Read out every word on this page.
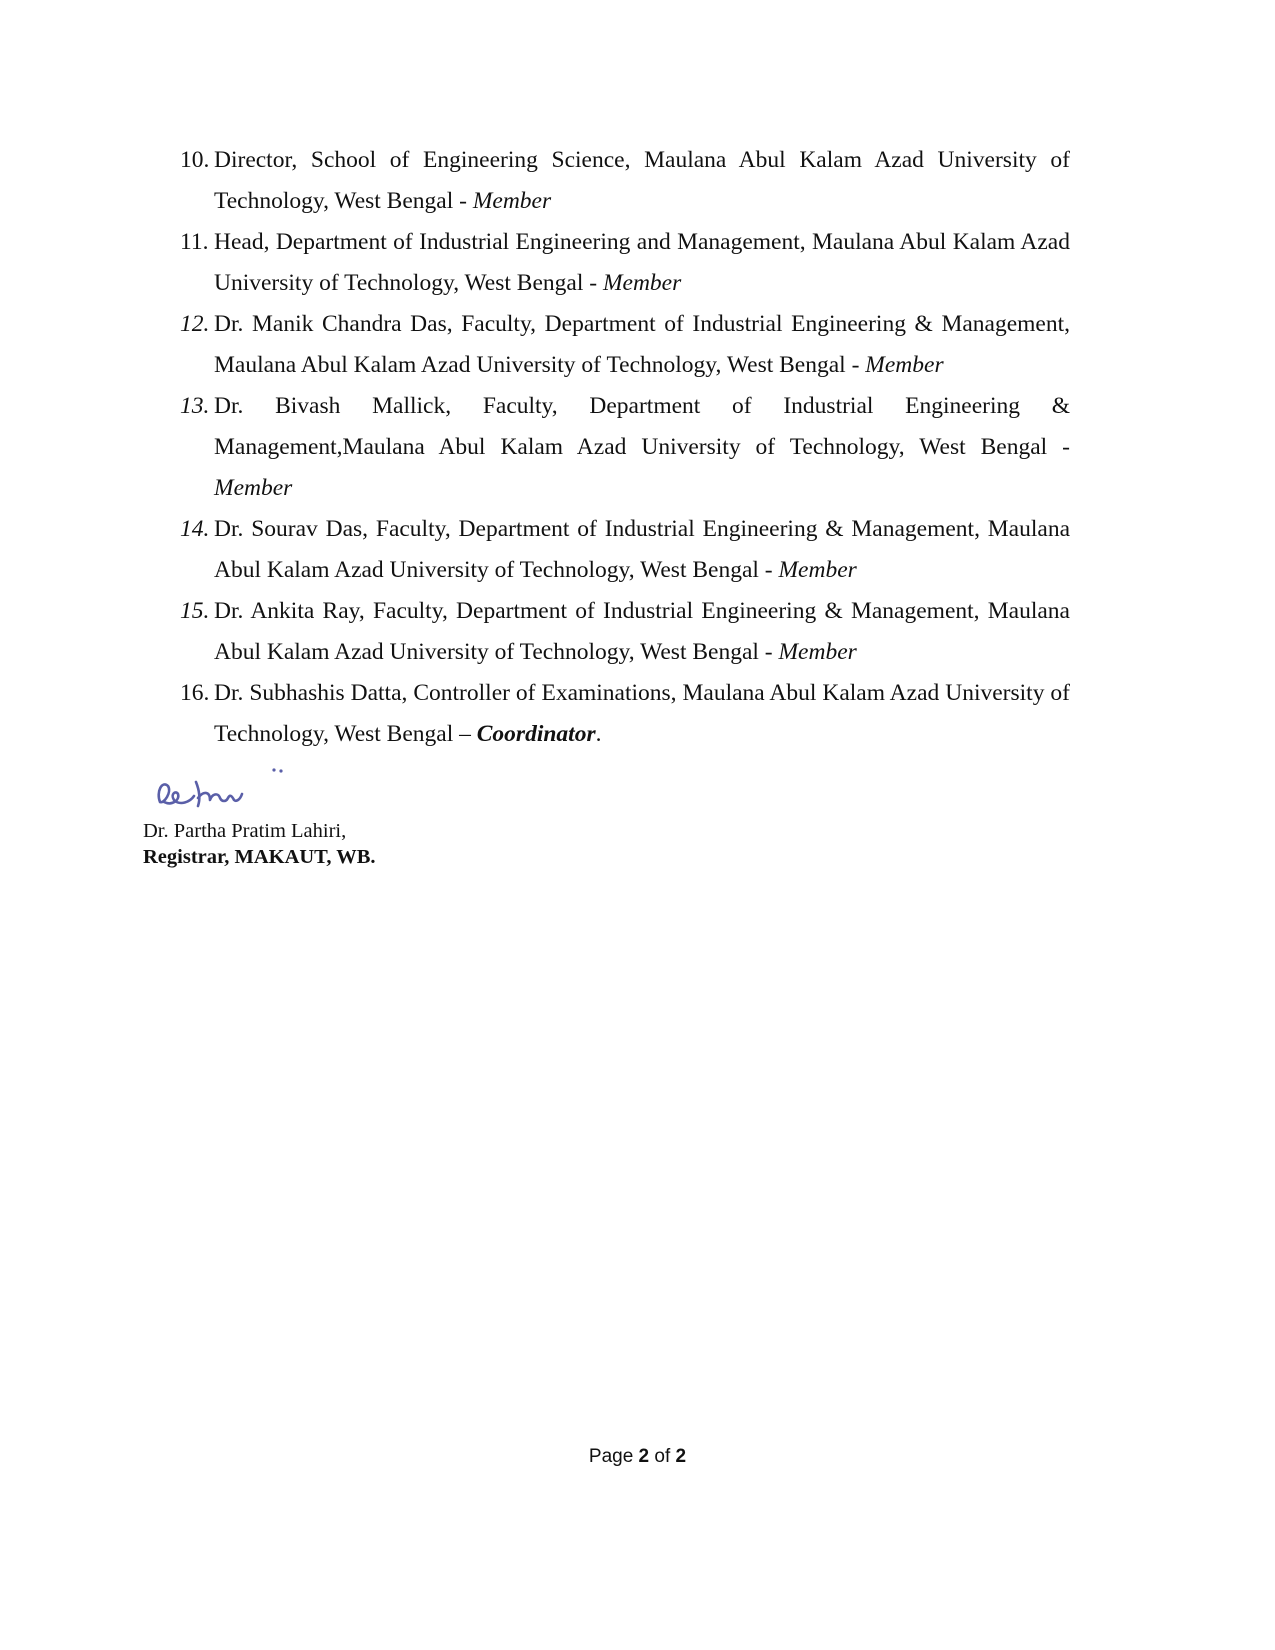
10. Director, School of Engineering Science, Maulana Abul Kalam Azad University of Technology, West Bengal - Member
11. Head, Department of Industrial Engineering and Management, Maulana Abul Kalam Azad University of Technology, West Bengal - Member
12. Dr. Manik Chandra Das, Faculty, Department of Industrial Engineering & Management, Maulana Abul Kalam Azad University of Technology, West Bengal - Member
13. Dr. Bivash Mallick, Faculty, Department of Industrial Engineering & Management,Maulana Abul Kalam Azad University of Technology, West Bengal - Member
14. Dr. Sourav Das, Faculty, Department of Industrial Engineering & Management, Maulana Abul Kalam Azad University of Technology, West Bengal - Member
15. Dr. Ankita Ray, Faculty, Department of Industrial Engineering & Management, Maulana Abul Kalam Azad University of Technology, West Bengal - Member
16. Dr. Subhashis Datta, Controller of Examinations, Maulana Abul Kalam Azad University of Technology, West Bengal – Coordinator.
Dr. Partha Pratim Lahiri,
Registrar, MAKAUT, WB.
Page 2 of 2
